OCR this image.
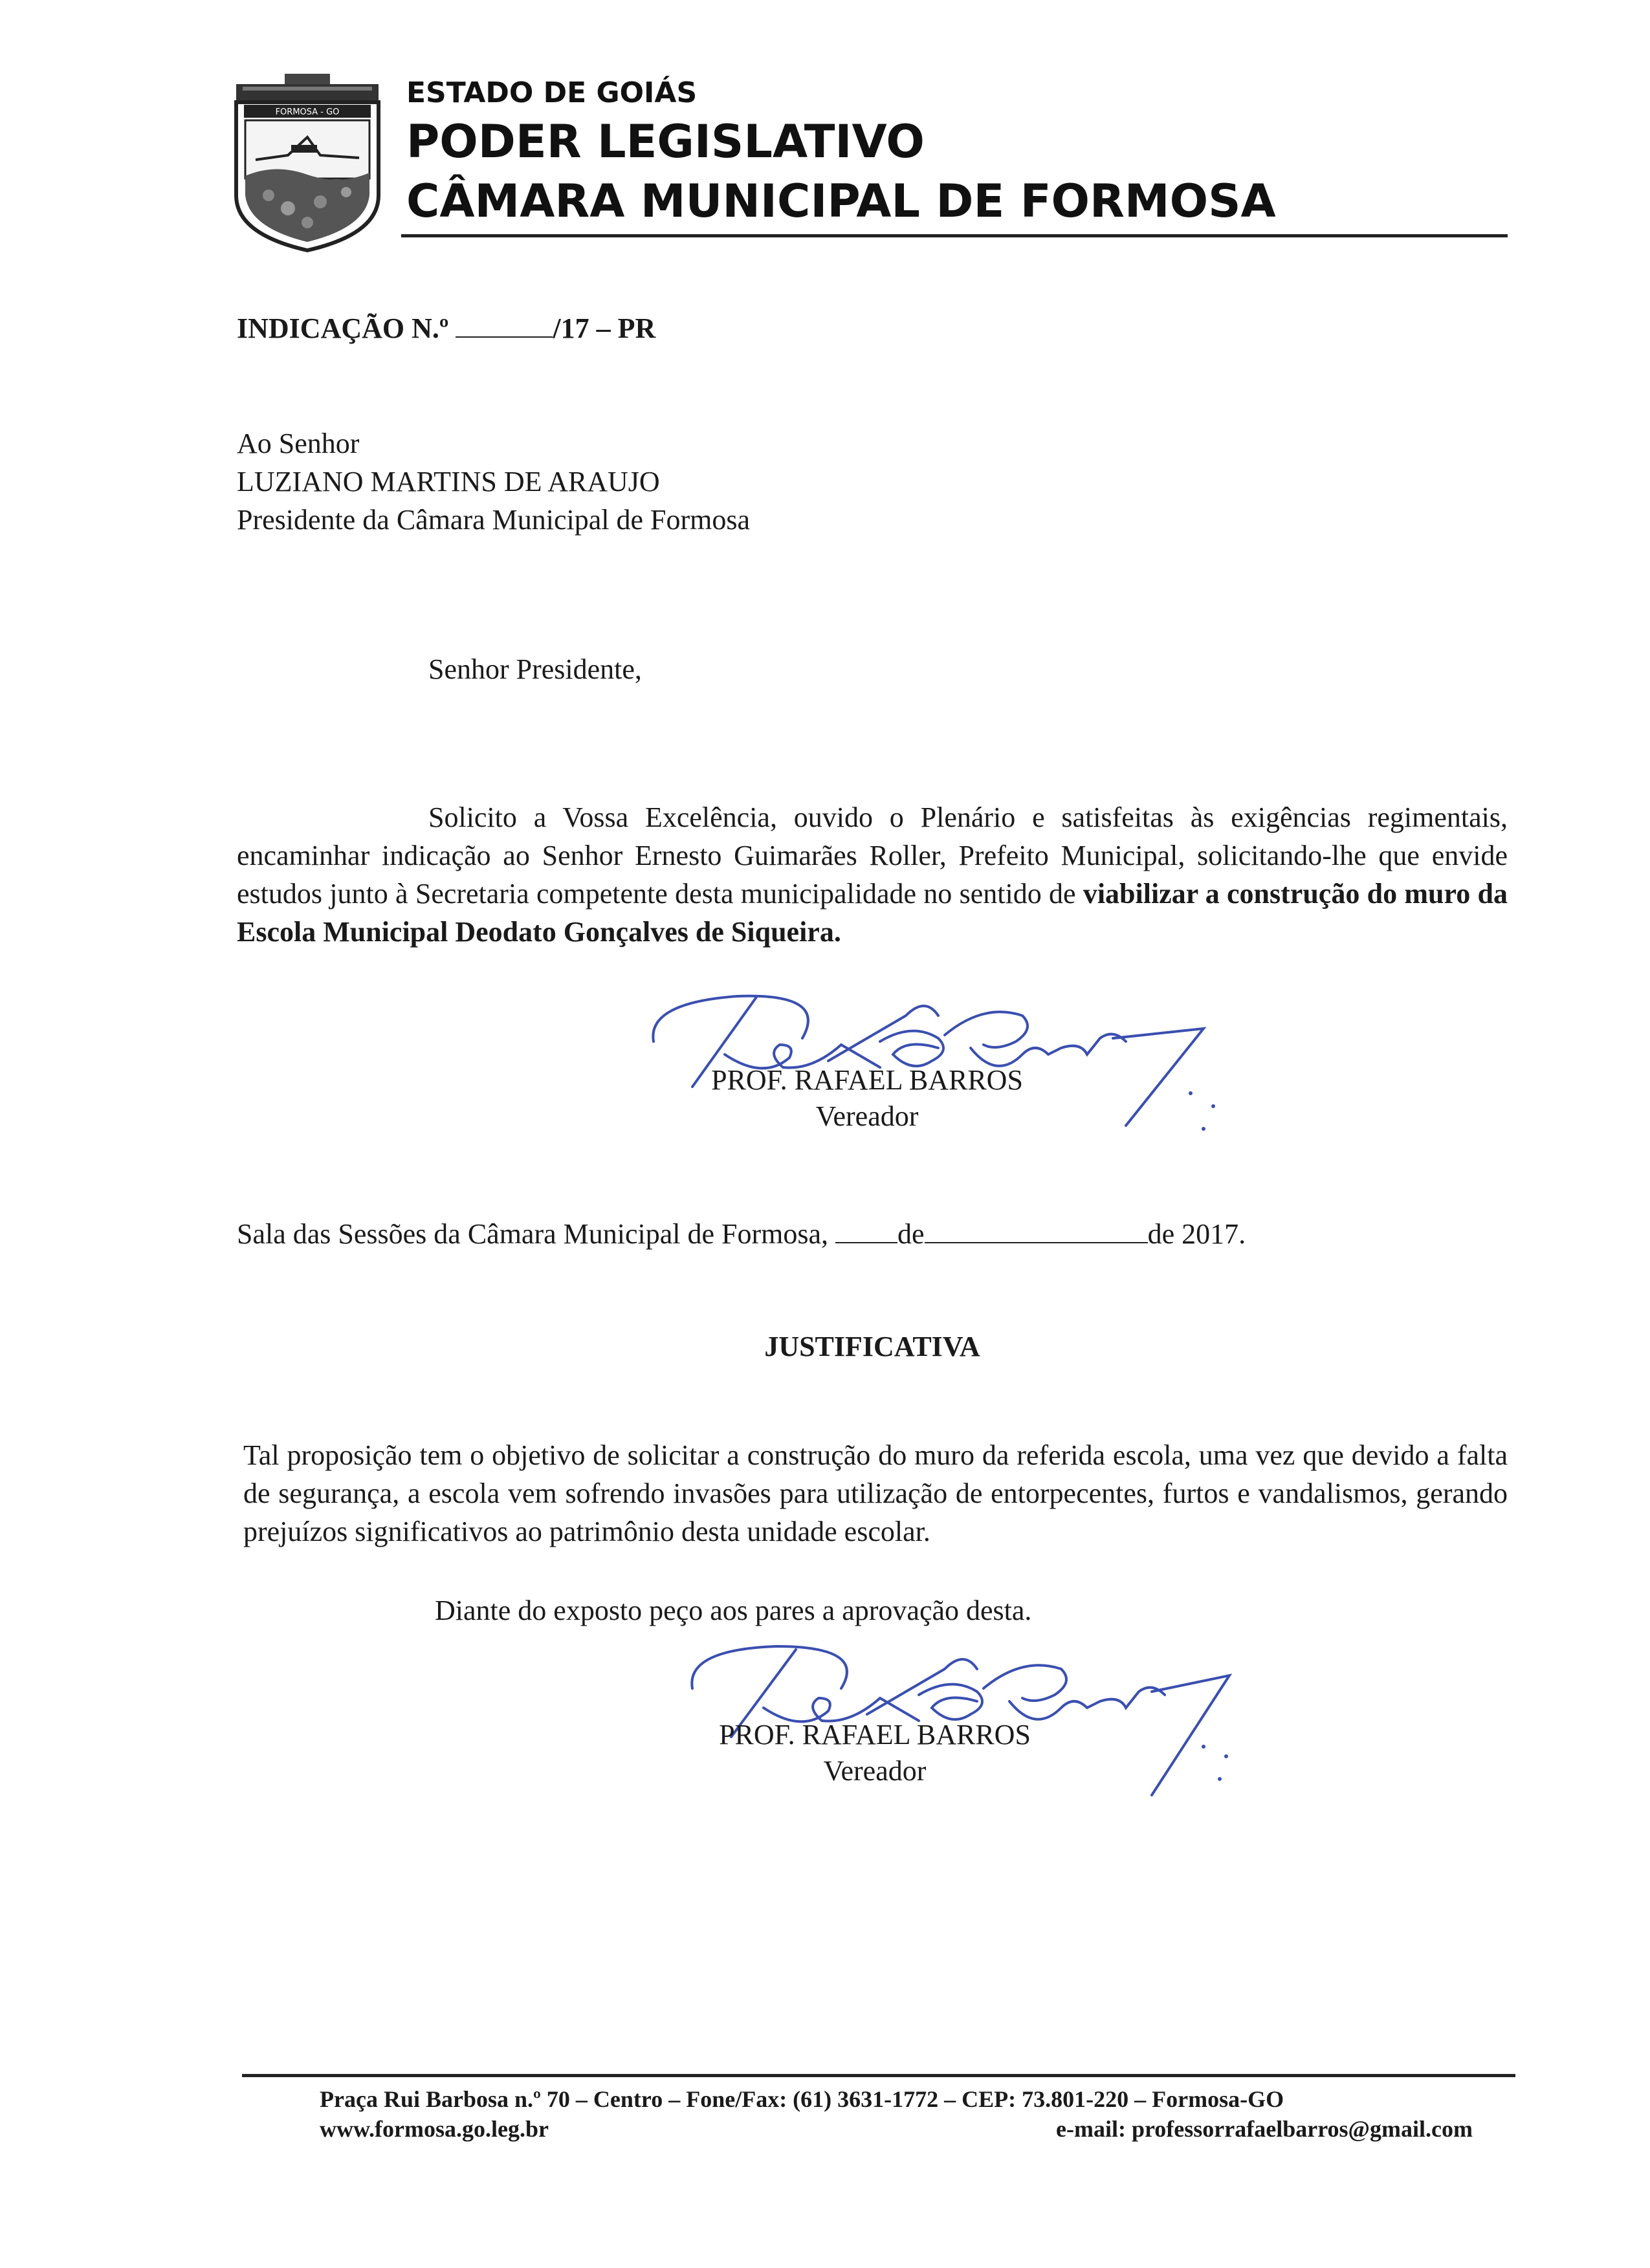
FORMOSA - GO
ESTADO DE GOIÁS
PODER LEGISLATIVO
CÂMARA MUNICIPAL DE FORMOSA
INDICAÇÃO N.º	/17 – PR
Ao Senhor
LUZIANO MARTINS DE ARAUJO
Presidente da Câmara Municipal de Formosa
Senhor Presidente,
Solicito a Vossa Excelência, ouvido o Plenário e satisfeitas às exigências regimentais, encaminhar indicação ao Senhor Ernesto Guimarães Roller, Prefeito Municipal, solicitando-lhe que envide estudos junto à Secretaria competente desta municipalidade no sentido de viabilizar a construção do muro da Escola Municipal Deodato Gonçalves de Siqueira.
PROF. RAFAEL BARROS
Vereador
Sala das Sessões da Câmara Municipal de Formosa, de	de 2017.
JUSTIFICATIVA
Tal proposição tem o objetivo de solicitar a construção do muro da referida escola, uma vez que devido a falta de segurança, a escola vem sofrendo invasões para utilização de entorpecentes, furtos e vandalismos, gerando prejuízos significativos ao patrimônio desta unidade escolar.
Diante do exposto peço aos pares a aprovação desta.
PROF. RAFAEL BARROS
Vereador
Praça Rui Barbosa n.º 70 – Centro – Fone/Fax: (61) 3631-1772 – CEP: 73.801-220 – Formosa-GO
www.formosa.go.leg.br	e-mail: professorrafaelbarros@gmail.com
